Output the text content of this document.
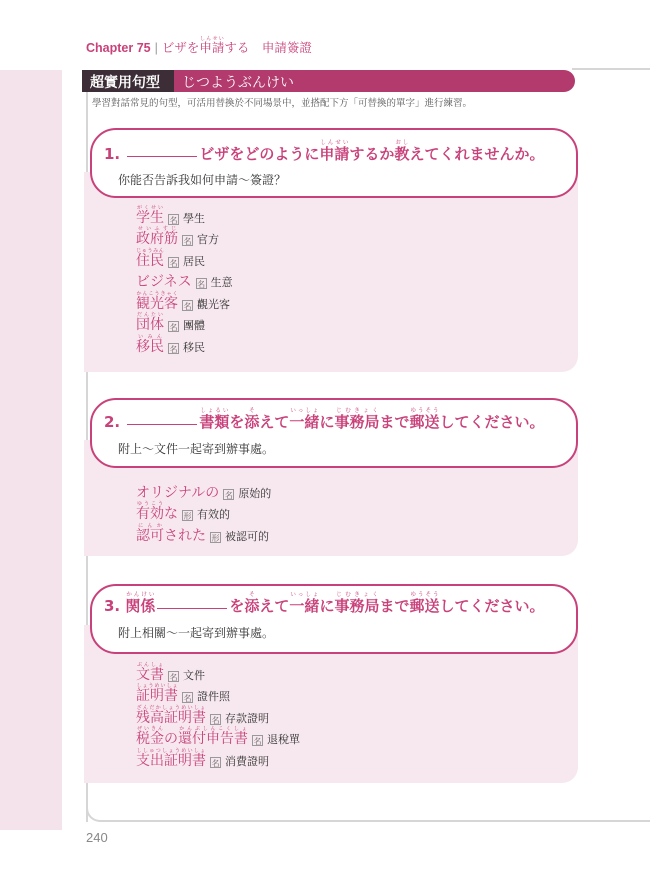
Chapter 75 | ビザを申しん請せいする　申請簽證
超實用句型 じつようぶんけい
學習對話常見的句型，可活用替換於不同場景中，並搭配下方「可替換的單字」進行練習。
1.	ビザをどのように申しん請せいするか教おしえてくれませんか。
你能否告訴我如何申請～簽證？
学生がくせい
名 學生
政府筋せいふすじ
名 官方
住民じゅうみん
名 居民
ビジネス 名 生意
観光客かんこうきゃく
名 觀光客
団体だんたい
名 團體
移民いみん
名 移民
2.	書類しょるいを添そえて一緒いっしょに事務局じむきょくまで郵送ゆうそうしてください。
附上～文件一起寄到辦事處。
オリジナルの 名 原始的
有効ゆうこうな 形 有效的
認可にんかされた 形 被認可的
3. 関係かんけいを添そえて一緒いっしょに事務局じむきょくまで郵送ゆうそうしてください。
附上相關～一起寄到辦事處。
文書ぶんしょ
名 文件
証明書しょうめいしょ
名 證件照
残高証明書ざんだかしょうめいしょ
名 存款證明
税金ぜいきんの還付申告書かんぷしんこくしょ
名 退稅單
支出証明書ししゅつしょうめいしょ
名 消費證明
240
